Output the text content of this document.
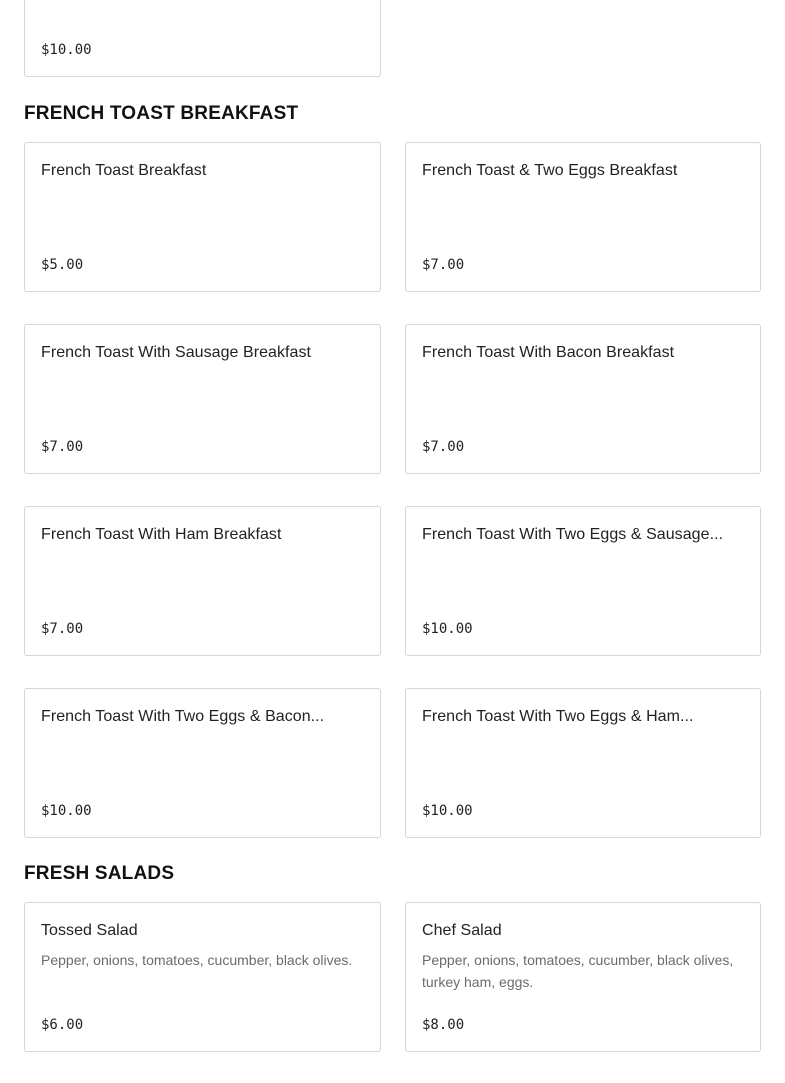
$10.00
FRENCH TOAST BREAKFAST
French Toast Breakfast
$5.00
French Toast & Two Eggs Breakfast
$7.00
French Toast With Sausage Breakfast
$7.00
French Toast With Bacon Breakfast
$7.00
French Toast With Ham Breakfast
$7.00
French Toast With Two Eggs & Sausage...
$10.00
French Toast With Two Eggs & Bacon...
$10.00
French Toast With Two Eggs & Ham...
$10.00
FRESH SALADS
Tossed Salad
Pepper, onions, tomatoes, cucumber, black olives.
$6.00
Chef Salad
Pepper, onions, tomatoes, cucumber, black olives, turkey ham, eggs.
$8.00
